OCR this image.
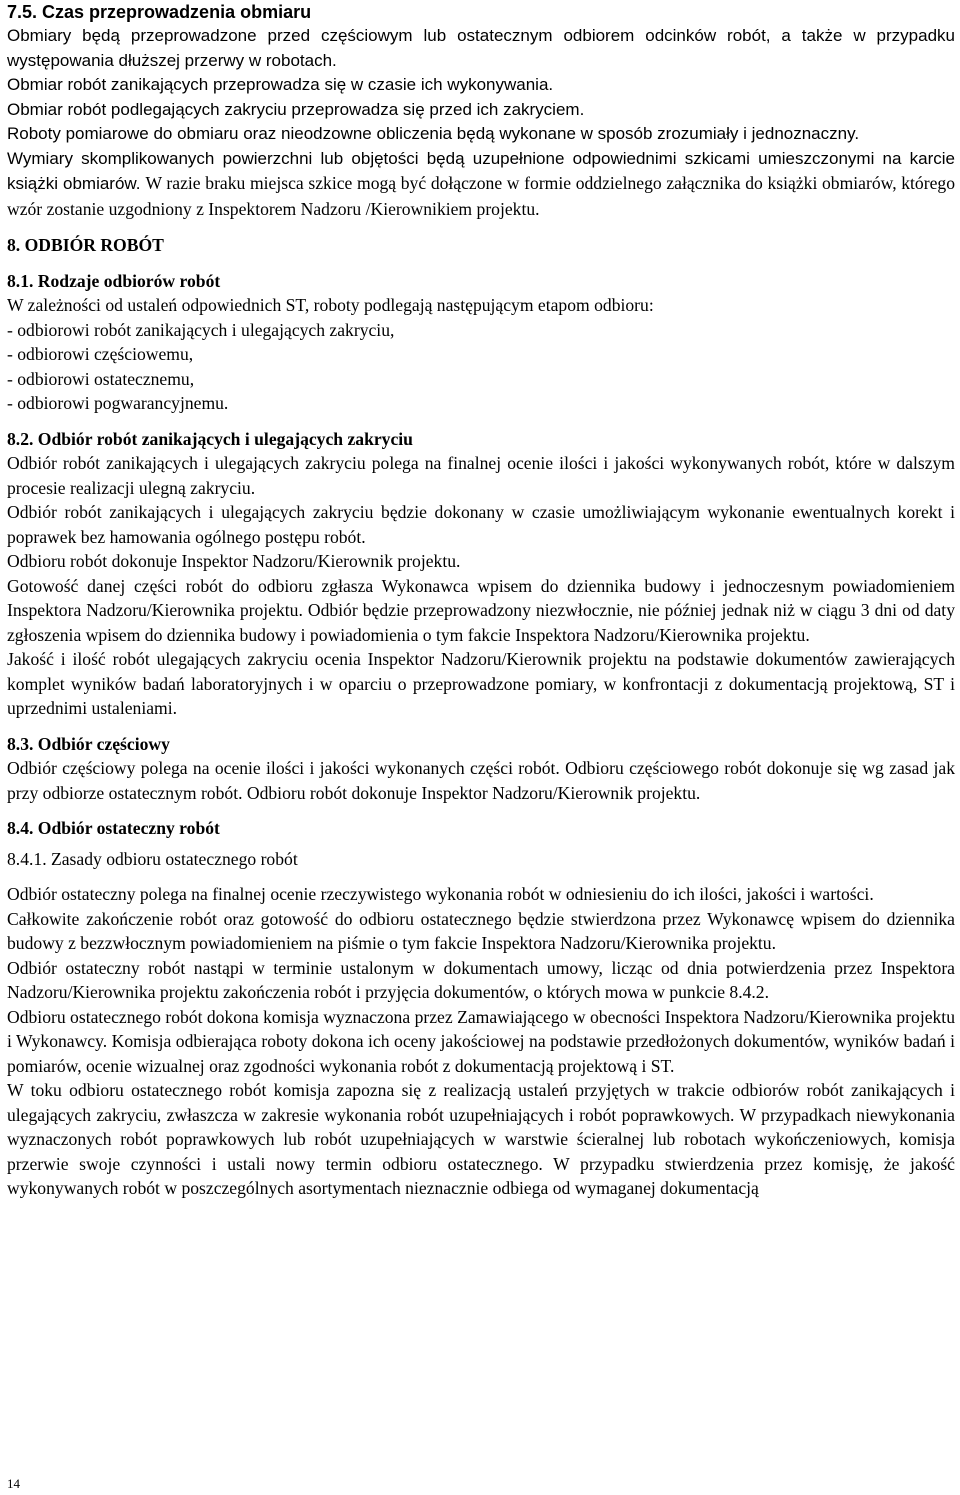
7.5. Czas przeprowadzenia obmiaru

Obmiary będą przeprowadzone przed częściowym lub ostatecznym odbiorem odcinków robót, a także w przypadku występowania dłuższej przerwy w robotach.

Obmiar robót zanikających przeprowadza się w czasie ich wykonywania.

Obmiar robót podlegających zakryciu przeprowadza się przed ich zakryciem.

Roboty pomiarowe do obmiaru oraz nieodzowne obliczenia będą wykonane w sposób zrozumiały i jednoznaczny.

Wymiary skomplikowanych powierzchni lub objętości będą uzupełnione odpowiednimi szkicami umieszczonymi na karcie książki obmiarów. W razie braku miejsca szkice mogą być dołączone w formie oddzielnego załącznika do książki obmiarów, którego wzór zostanie uzgodniony z Inspektorem Nadzoru /Kierownikiem projektu.

8. ODBIÓR ROBÓT
8.1. Rodzaje odbiorów robót

W zależności od ustaleń odpowiednich ST, roboty podlegają następującym etapom odbioru:

- odbiorowi robót zanikających i ulegających zakryciu,

- odbiorowi częściowemu,

- odbiorowi ostatecznemu,

- odbiorowi pogwarancyjnemu.

8.2. Odbiór robót zanikających i ulegających zakryciu

Odbiór robót zanikających i ulegających zakryciu polega na finalnej ocenie ilości i jakości wykonywanych robót, które w dalszym procesie realizacji ulegną zakryciu.

Odbiór robót zanikających i ulegających zakryciu będzie dokonany w czasie umożliwiającym wykonanie ewentualnych korekt i poprawek bez hamowania ogólnego postępu robót.

Odbioru robót dokonuje Inspektor Nadzoru/Kierownik projektu.

Gotowość danej części robót do odbioru zgłasza Wykonawca wpisem do dziennika budowy i jednoczesnym powiadomieniem Inspektora Nadzoru/Kierownika projektu. Odbiór będzie przeprowadzony niezwłocznie, nie później jednak niż w ciągu 3 dni od daty zgłoszenia wpisem do dziennika budowy i powiadomienia o tym fakcie Inspektora Nadzoru/Kierownika projektu.

Jakość i ilość robót ulegających zakryciu ocenia Inspektor Nadzoru/Kierownik projektu na podstawie dokumentów zawierających komplet wyników badań laboratoryjnych i w oparciu o przeprowadzone pomiary, w konfrontacji z dokumentacją projektową, ST i uprzednimi ustaleniami.

8.3. Odbiór częściowy

Odbiór częściowy polega na ocenie ilości i jakości wykonanych części robót. Odbioru częściowego robót dokonuje się wg zasad jak przy odbiorze ostatecznym robót. Odbioru robót dokonuje Inspektor Nadzoru/Kierownik projektu.

8.4. Odbiór ostateczny robót
8.4.1. Zasady odbioru ostatecznego robót

Odbiór ostateczny polega na finalnej ocenie rzeczywistego wykonania robót w odniesieniu do ich ilości, jakości i wartości.

Całkowite zakończenie robót oraz gotowość do odbioru ostatecznego będzie stwierdzona przez Wykonawcę wpisem do dziennika budowy z bezzwłocznym powiadomieniem na piśmie o tym fakcie Inspektora Nadzoru/Kierownika projektu.

Odbiór ostateczny robót nastąpi w terminie ustalonym w dokumentach umowy, licząc od dnia potwierdzenia przez Inspektora Nadzoru/Kierownika projektu zakończenia robót i przyjęcia dokumentów, o których mowa w punkcie 8.4.2.

Odbioru ostatecznego robót dokona komisja wyznaczona przez Zamawiającego w obecności Inspektora Nadzoru/Kierownika projektu i Wykonawcy. Komisja odbierająca roboty dokona ich oceny jakościowej na podstawie przedłożonych dokumentów, wyników badań i pomiarów, ocenie wizualnej oraz zgodności wykonania robót z dokumentacją projektową i ST.

W toku odbioru ostatecznego robót komisja zapozna się z realizacją ustaleń przyjętych w trakcie odbiorów robót zanikających i ulegających zakryciu, zwłaszcza w zakresie wykonania robót uzupełniających i robót poprawkowych. W przypadkach niewykonania wyznaczonych robót poprawkowych lub robót uzupełniających w warstwie ścieralnej lub robotach wykończeniowych, komisja przerwie swoje czynności i ustali nowy termin odbioru ostatecznego. W przypadku stwierdzenia przez komisję, że jakość wykonywanych robót w poszczególnych asortymentach nieznacznie odbiega od wymaganej dokumentacją

14
